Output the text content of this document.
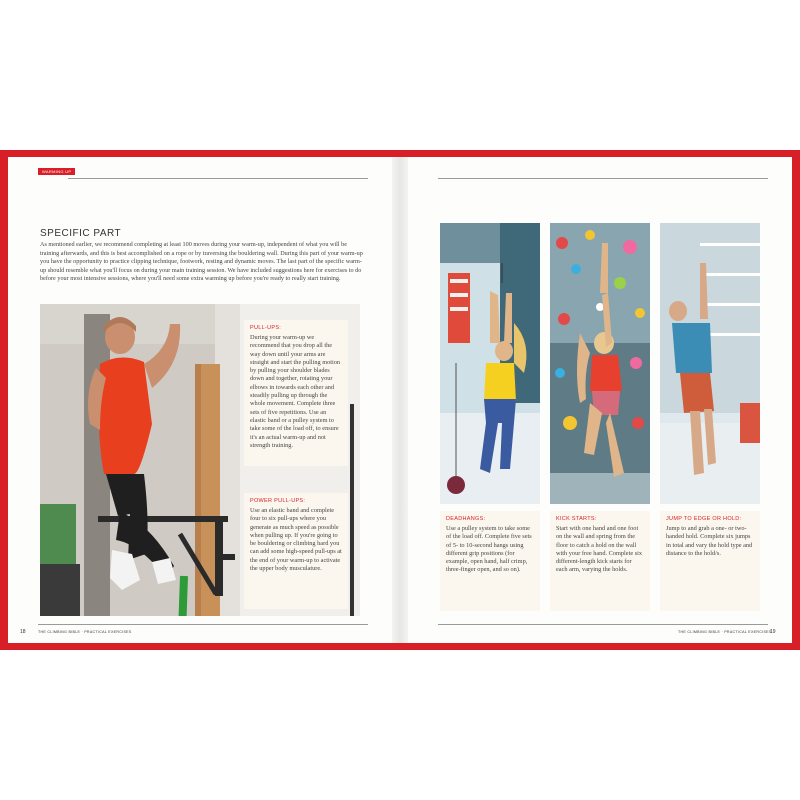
WARMING UP
SPECIFIC PART

As mentioned earlier, we recommend completing at least 100 moves during your warm-up, independent of what you will be training afterwards, and this is best accomplished on a rope or by traversing the bouldering wall. During this part of your warm-up you have the opportunity to practice clipping technique, footwork, resting and dynamic moves. The last part of the specific warm-up should resemble what you'll focus on during your main training session. We have included suggestions here for exercises to do before your most intensive sessions, where you'll need some extra warming up before you're ready to really start training.

PULL-UPS:

During your warm-up we recommend that you drop all the way down until your arms are straight and start the pulling motion by pulling your shoulder blades down and together, rotating your elbows in towards each other and steadily pulling up through the whole movement. Complete three sets of five repetitions. Use an elastic band or a pulley system to take some of the load off, to ensure it's an actual warm-up and not strength training.

POWER PULL-UPS:

Use an elastic band and complete four to six pull-ups where you generate as much speed as possible when pulling up. If you're going to be bouldering or climbing hard you can add some high-speed pull-ups at the end of your warm-up to activate the upper body musculature.

18	THE CLIMBING BIBLE · PRACTICAL EXERCISES
DEADHANGS:

Use a pulley system to take some of the load off. Complete five sets of 5- to 10-second hangs using different grip positions (for example, open hand, half crimp, three-finger open, and so on).

KICK STARTS:

Start with one hand and one foot on the wall and spring from the floor to catch a hold on the wall with your free hand. Complete six different-length kick starts for each arm, varying the holds.

JUMP TO EDGE OR HOLD:

Jump to and grab a one- or two-handed hold. Complete six jumps in total and vary the hold type and distance to the hold/s.

THE CLIMBING BIBLE · PRACTICAL EXERCISES
19
